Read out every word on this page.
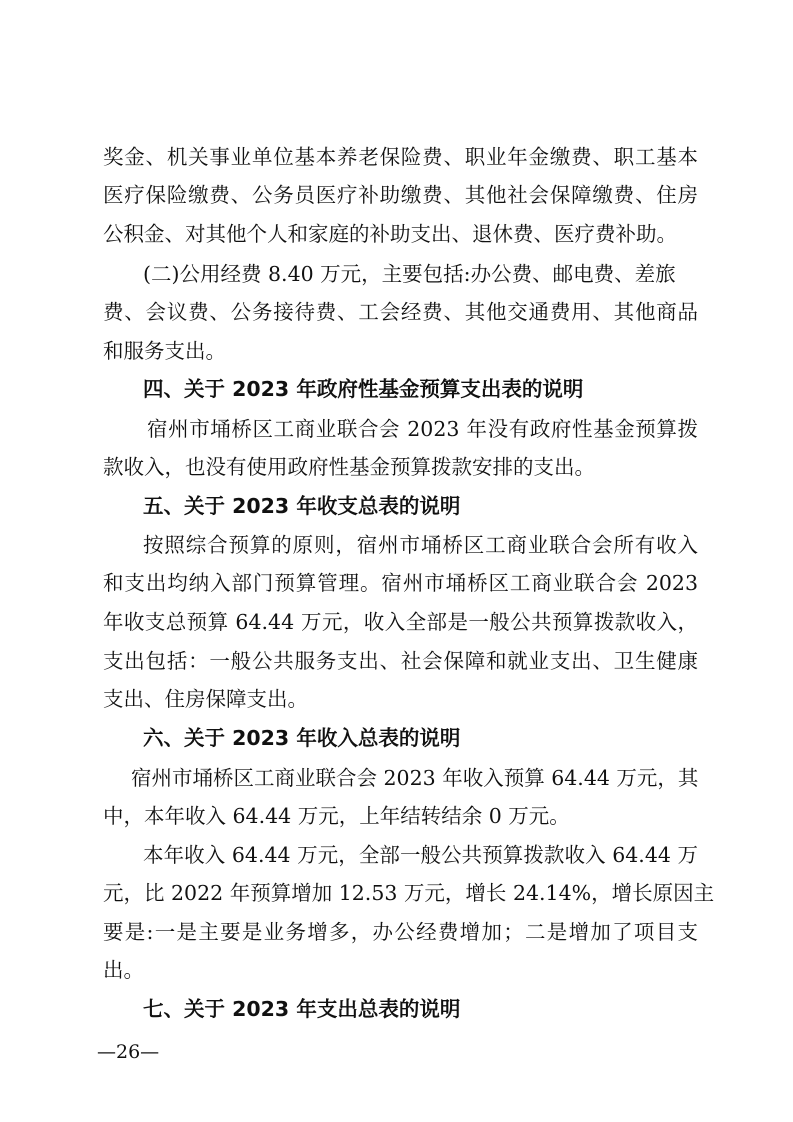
奖金、机关事业单位基本养老保险费、职业年金缴费、职工基本
医疗保险缴费、公务员医疗补助缴费、其他社会保障缴费、住房
公积金、对其他个人和家庭的补助支出、退休费、医疗费补助。
(二)公用经费 8.40 万元，主要包括:办公费、邮电费、差旅
费、会议费、公务接待费、工会经费、其他交通费用、其他商品
和服务支出。
四、关于 2023 年政府性基金预算支出表的说明
宿州市埇桥区工商业联合会 2023 年没有政府性基金预算拨
款收入，也没有使用政府性基金预算拨款安排的支出。
五、关于 2023 年收支总表的说明
按照综合预算的原则，宿州市埇桥区工商业联合会所有收入
和支出均纳入部门预算管理。宿州市埇桥区工商业联合会 2023
年收支总预算 64.44 万元，收入全部是一般公共预算拨款收入，
支出包括：一般公共服务支出、社会保障和就业支出、卫生健康
支出、住房保障支出。
六、关于 2023 年收入总表的说明
宿州市埇桥区工商业联合会 2023 年收入预算 64.44 万元，其
中，本年收入 64.44 万元，上年结转结余 0 万元。
本年收入 64.44 万元，全部一般公共预算拨款收入 64.44 万
元，比 2022 年预算增加 12.53 万元，增长 24.14%，增长原因主
要是:一是主要是业务增多，办公经费增加；二是增加了项目支
出。
七、关于 2023 年支出总表的说明
—26—
